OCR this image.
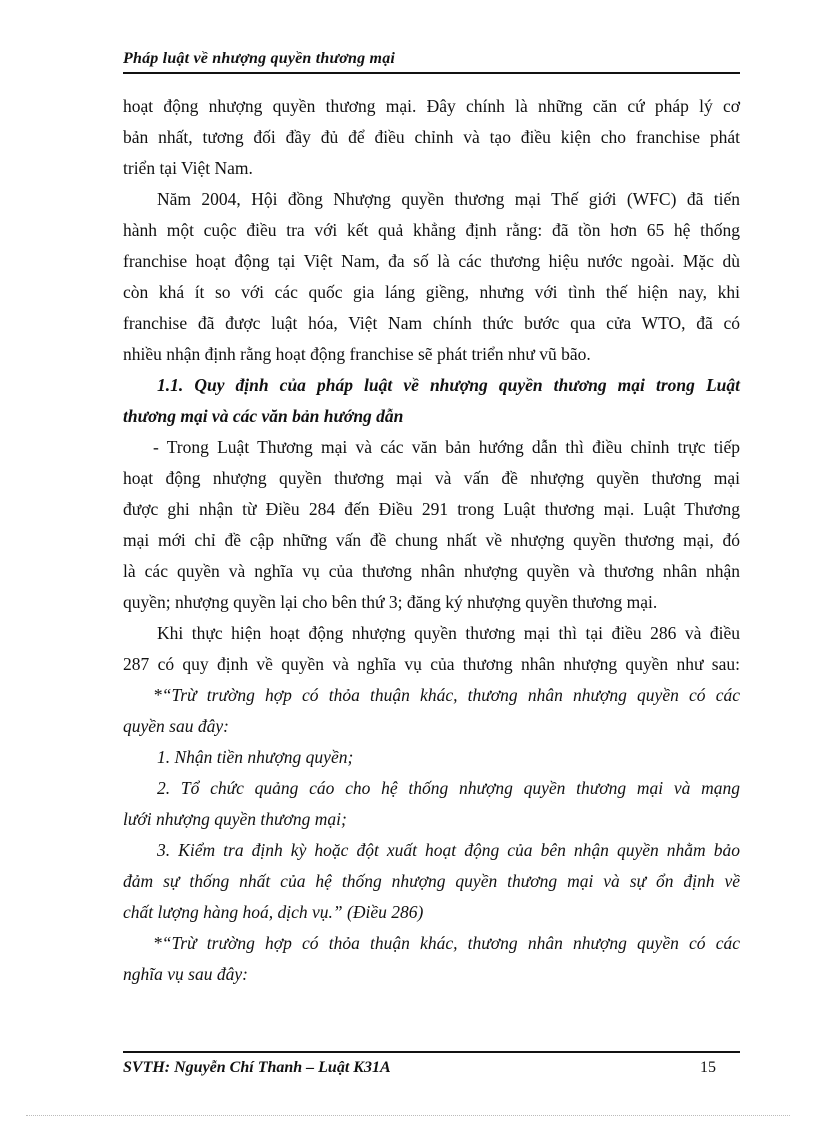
Pháp luật về nhượng quyền thương mại
hoạt động nhượng quyền thương mại. Đây chính là những căn cứ pháp lý cơ
bản nhất, tương đối đầy đủ để điều chỉnh và tạo điều kiện cho franchise phát
triển tại Việt Nam.
Năm 2004, Hội đồng Nhượng quyền thương mại Thế giới (WFC) đã tiến
hành một cuộc điều tra với kết quả khẳng định rằng: đã tồn hơn 65 hệ thống
franchise hoạt động tại Việt Nam, đa số là các thương hiệu nước ngoài. Mặc dù
còn khá ít so với các quốc gia láng giềng, nhưng với tình thế hiện nay, khi
franchise đã được luật hóa, Việt Nam chính thức bước qua cửa WTO, đã có
nhiều nhận định rằng hoạt động franchise sẽ phát triển như vũ bão.
1.1. Quy định của pháp luật về nhượng quyền thương mại trong Luật
thương mại và các văn bản hướng dẫn
- Trong Luật Thương mại và các văn bản hướng dẫn thì điều chỉnh trực tiếp
hoạt động nhượng quyền thương mại và vấn đề nhượng quyền thương mại
được ghi nhận từ Điều 284 đến Điều 291 trong Luật thương mại. Luật Thương
mại mới chỉ đề cập những vấn đề chung nhất về nhượng quyền thương mại, đó
là các quyền và nghĩa vụ của thương nhân nhượng quyền và thương nhân nhận
quyền; nhượng quyền lại cho bên thứ 3; đăng ký nhượng quyền thương mại.
Khi thực hiện hoạt động nhượng quyền thương mại thì tại điều 286 và điều
287 có quy định về quyền và nghĩa vụ của thương nhân nhượng quyền như sau:
*“Trừ trường hợp có thỏa thuận khác, thương nhân nhượng quyền có các
quyền sau đây:
1. Nhận tiền nhượng quyền;
2. Tổ chức quảng cáo cho hệ thống nhượng quyền thương mại và mạng
lưới nhượng quyền thương mại;
3. Kiểm tra định kỳ hoặc đột xuất hoạt động của bên nhận quyền nhằm bảo
đảm sự thống nhất của hệ thống nhượng quyền thương mại và sự ổn định về
chất lượng hàng hoá, dịch vụ.” (Điều 286)
*“Trừ trường hợp có thỏa thuận khác, thương nhân nhượng quyền có các
nghĩa vụ sau đây:
SVTH: Nguyễn Chí Thanh – Luật K31A	15
